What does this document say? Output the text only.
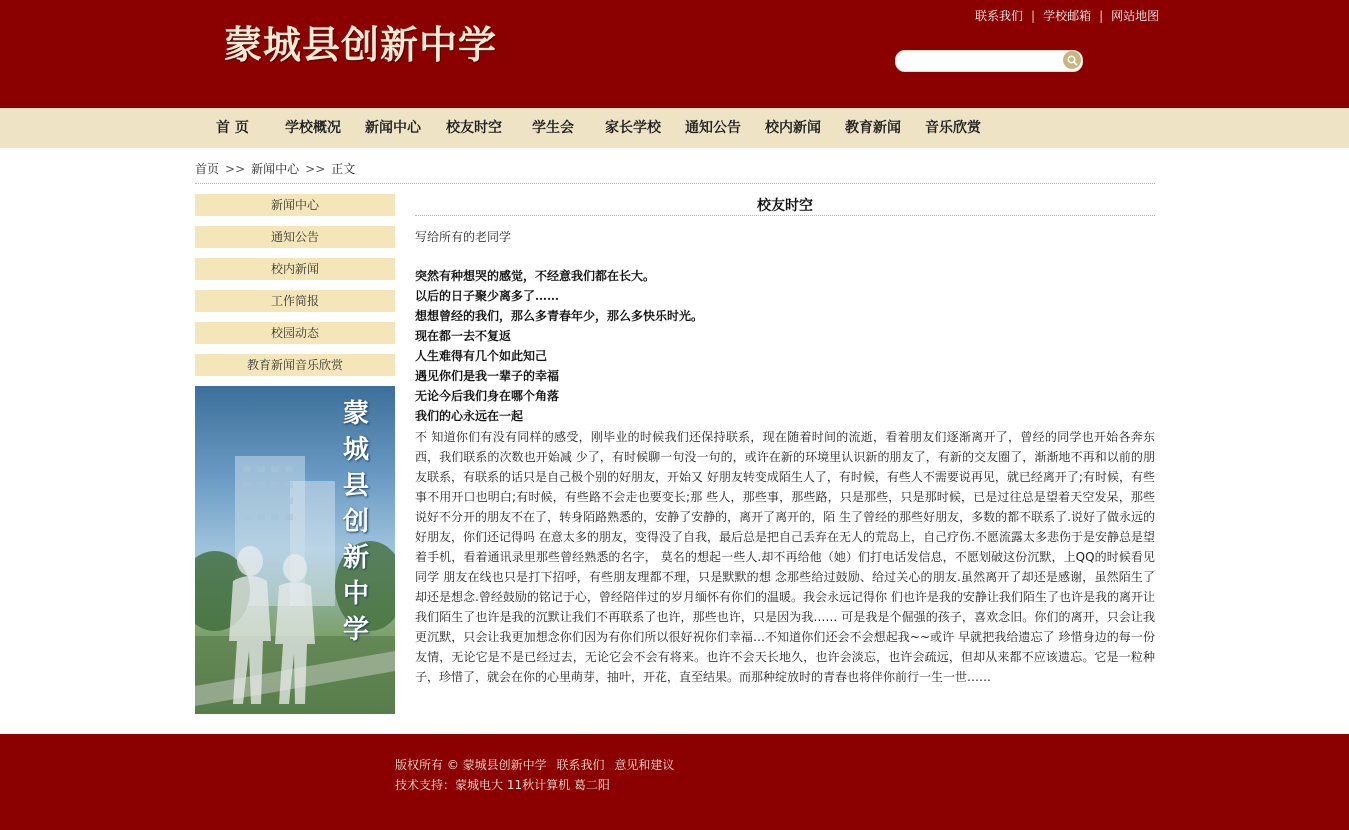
蒙城县创新中学
联系我们 | 学校邮箱 | 网站地图
首 页	学校概况 新闻中心 校友时空 学生会 家长学校 通知公告 校内新闻 教育新闻 音乐欣赏
首页 >> 新闻中心 >> 正文
新闻中心
通知公告
校内新闻
工作简报
校园动态
教育新闻音乐欣赏
蒙城县创新中学
校友时空
写给所有的老同学
突然有种想哭的感觉，不经意我们都在长大。
以后的日子聚少离多了……
想想曾经的我们，那么多青春年少，那么多快乐时光。
现在都一去不复返
人生难得有几个如此知己
遇见你们是我一辈子的幸福
无论今后我们身在哪个角落
我们的心永远在一起
不 知道你们有没有同样的感受，刚毕业的时候我们还保持联系，现在随着时间的流逝，看着朋友们逐渐离开了，曾经的同学也开始各奔东西，我们联系的次数也开始减 少了，有时候聊一句没一句的，或许在新的环境里认识新的朋友了，有新的交友圈了，渐渐地不再和以前的朋友联系，有联系的话只是自己极个别的好朋友，开始又 好朋友转变成陌生人了，有时候，有些人不需要说再见，就已经离开了;有时候，有些事不用开口也明白;有时候，有些路不会走也要变长;那 些人，那些事，那些路，只是那些，只是那时候，已是过往总是望着天空发呆，那些说好不分开的朋友不在了，转身陌路熟悉的，安静了安静的，离开了离开的，陌 生了曾经的那些好朋友，多数的都不联系了.说好了做永远的好朋友，你们还记得吗 在意太多的朋友，变得没了自我，最后总是把自己丢弃在无人的荒岛上，自己疗伤.不愿流露太多悲伤于是安静总是望着手机，看着通讯录里那些曾经熟悉的名字， 莫名的想起一些人.却不再给他（她）们打电话发信息，不愿划破这份沉默，上QQ的时候看见同学 朋友在线也只是打下招呼，有些朋友理都不理，只是默默的想 念那些给过鼓励、给过关心的朋友.虽然离开了却还是感谢，虽然陌生了却还是想念.曾经鼓励的铭记于心，曾经陪伴过的岁月缅怀有你们的温暖。我会永远记得你 们也许是我的安静让我们陌生了也许是我的离开让我们陌生了也许是我的沉默让我们不再联系了也许，那些也许，只是因为我…… 可是我是个倔强的孩子，喜欢念旧。你们的离开，只会让我更沉默，只会让我更加想念你们因为有你们所以很好祝你们幸福…不知道你们还会不会想起我~~或许 早就把我给遗忘了 珍惜身边的每一份友情，无论它是不是已经过去，无论它会不会有将来。也许不会天长地久，也许会淡忘，也许会疏远，但却从来都不应该遗忘。它是一粒种子，珍惜了，就会在你的心里萌芽，抽叶，开花，直至结果。而那种绽放时的青春也将伴你前行一生一世……
版权所有 © 蒙城县创新中学 联系我们 意见和建议
技术支持：蒙城电大 11秋计算机 葛二阳
